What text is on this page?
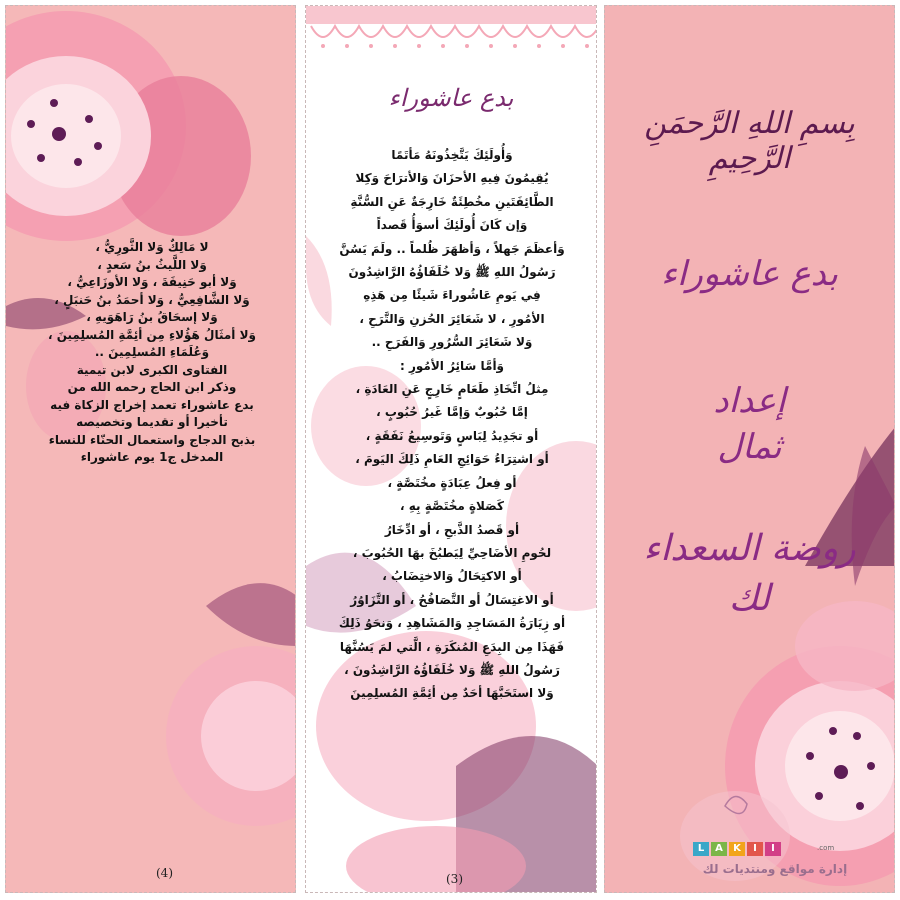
لا مَالِكٌ وَلا الثَّورِيُّ ،
وَلا اللَّيثُ بنُ سَعدٍ ،
وَلا أبو حَنِيفَةَ ، وَلا الأوزَاعِيُّ ،
وَلا الشَّافِعِيُّ ، وَلا أحمَدُ بنُ حَنبَلٍ ،
وَلا إسحَاقُ بنُ رَاهَوَيهِ ،
وَلا أمثَالُ هَؤُلاءِ مِن أئِمَّةِ المُسلِمِينَ ،
وَعُلَمَاءِ المُسلِمِينَ ..
الفتاوى الكبرى لابن تيمية
وذكر ابن الحاج رحمه الله من
بدع عاشوراء تعمد إخراج الزكاة فيه
تأخيرا أو تقديما وتخصيصه
بذبح الدجاج واستعمال الحنّاء للنساء
المدخل ج1 يوم عاشوراء
(4)
بدع عاشوراء
وَأُولَئِكَ يَتَّخِذُونَهُ مَأتَمًا
يُقِيمُونَ فِيهِ الأحزَانَ وَالأترَاحَ وَكِلا
الطَّائِفَتَينِ مخُطِئَةٌ خَارِجَةٌ عَنِ السُّنَّةِ
وَإن كَانَ أُولَئِكَ أسوَأُ قَصداً
وَأعظَمَ جَهلاً ، وَأظهَرَ ظُلماً .. ولَمَ يَسُنَّ
رَسُولُ اللهِ ﷺ وَلا خُلَفَاؤُهُ الرَّاشِدُونَ
فِي يَومِ عَاشُوراءَ شَيئًا مِن هَذِهِ
الأمُورِ ، لا شَعَائِرَ الحُزنِ وَالتَّرَحِ ،
وَلا شَعَائِرَ السُّرُورِ وَالفَرَحِ ..
وَأمَّا سَائِرُ الأمُورِ :
مِثلُ اتِّخَاذِ طَعَامٍ خَارِجٍ عَنِ العَادَةِ ،
إمَّا حُبُوبٌ وَإمَّا غَيرُ حُبُوبٍ ،
أو تجَدِيدُ لِبَاسٍ وَتَوسِيعُ نَفَقَةٍ ،
أو اشتِرَاءُ حَوَائِجِ العَامِ ذَلِكَ اليَومَ ،
أو فِعلُ عِبَادَةٍ مخُتَصَّةٍ ،
كَصَلاةٍ مخُتَصَّةٍ بِهِ ،
أو قَصدُ الذَّبحِ ، أو ادِّخَارُ
لحُومِ الأضَاحِيِّ لِيَطبُخَ بهَا الحُبُوبَ ،
أو الاكتِحَالُ وَالاختِضَابُ ،
أو الاغتِسَالُ أو التَّصَافُحُ ، أو التَّزَاوُرُ
أو زِيَارَةُ المَسَاجِدِ وَالمَشَاهِدِ ، وَنحَوُ ذَلِكَ
فَهَذَا مِن البِدَعِ المُنكَرَةِ ، الَّتي لمَ يَسُنَّهَا
رَسُولُ اللهِ ﷺ وَلا خُلَفَاؤُهُ الرَّاشِدُونَ ،
وَلا استَحَبَّهَا أحَدٌ مِن أئِمَّةِ المُسلِمِينَ
(3)
بِسمِ اللهِ الرَّحمَنِ الرَّحِيمِ
بدع عاشوراء
إعداد
ثمال
روضة السعداء
لك
L	A	K	I	I	.com
إدارة مواقع ومنتديات لك
